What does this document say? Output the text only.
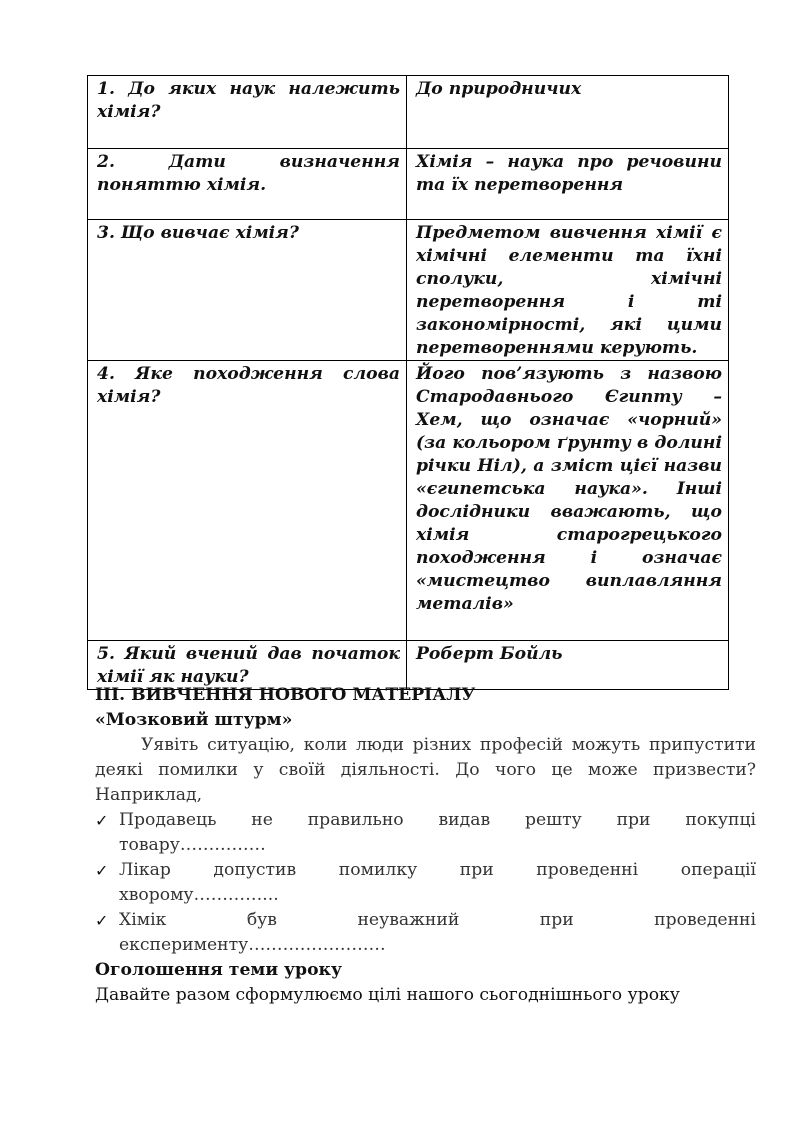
1. До яких наук належить хімія?	До природничих
2. Дати визначення поняттю хімія.	Хімія – наука про речовини та їх перетворення
3. Що вивчає хімія?	Предметом вивчення хімії є хімічні елементи та їхні сполуки, хімічні перетворення і ті закономірності, які цими перетвореннями керують.
4. Яке походження слова хімія?	Його пов’язують з назвою Стародавнього Єгипту – Хем, що означає «чорний» (за кольором ґрунту в долині річки Ніл), а зміст цієї назви «єгипетська наука». Інші дослідники вважають, що хімія старогрецького походження і означає «мистецтво виплавляння металів»
5. Який вчений дав початок хімії як науки?	Роберт Бойль

ІІІ. ВИВЧЕННЯ НОВОГО МАТЕРІАЛУ

«Мозковий штурм»

Уявіть ситуацію, коли люди різних професій можуть припустити деякі помилки у своїй діяльності. До чого це може призвести? Наприклад,

✓ Продавець не правильно видав решту при покупці
товару……………
✓ Лікар допустив помилку при проведенні операції
хворому…………...
✓ Хімік був неуважний при проведенні
експерименту……………………

Оголошення теми уроку

Давайте разом сформулюємо цілі нашого сьогоднішнього уроку
